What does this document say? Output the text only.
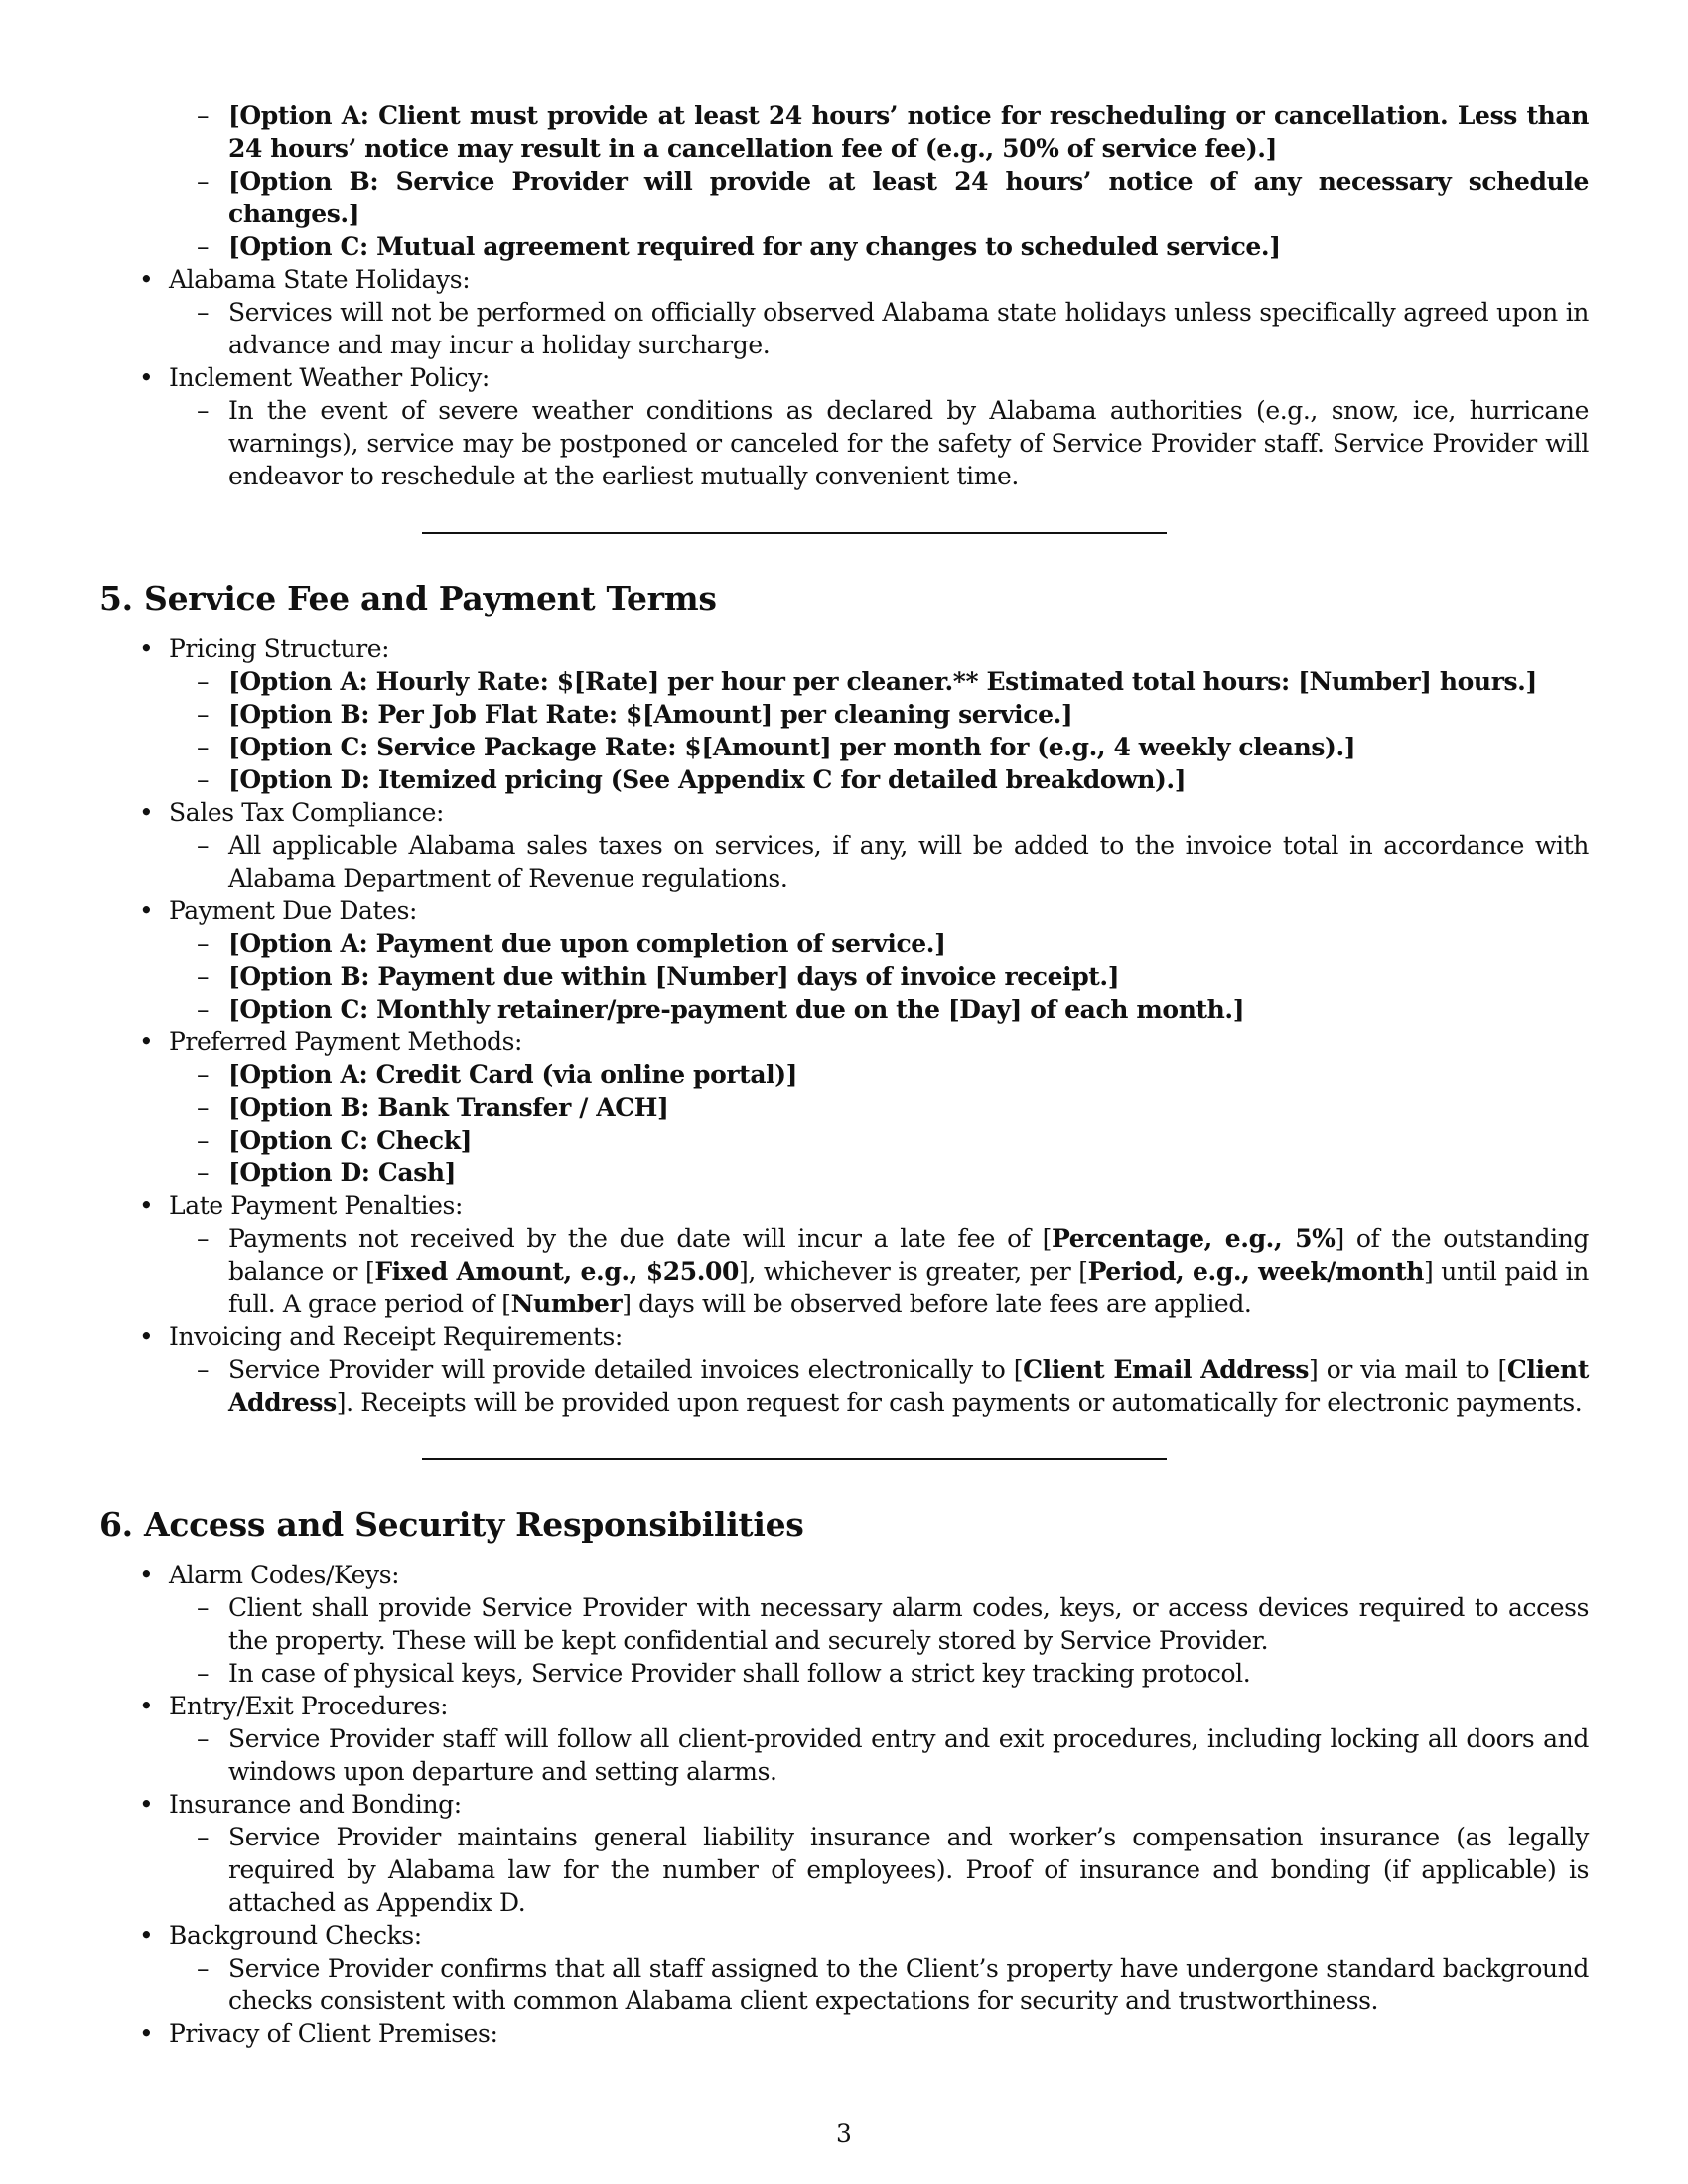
– [Option A: Client must provide at least 24 hours’ notice for rescheduling or cancellation. Less than 24 hours’ notice may result in a cancellation fee of (e.g., 50% of service fee).]
– [Option B: Service Provider will provide at least 24 hours’ notice of any necessary schedule changes.]
– [Option C: Mutual agreement required for any changes to scheduled service.]
• Alabama State Holidays:
– Services will not be performed on officially observed Alabama state holidays unless specifically agreed upon in advance and may incur a holiday surcharge.
• Inclement Weather Policy:
– In the event of severe weather conditions as declared by Alabama authorities (e.g., snow, ice, hurricane warnings), service may be postponed or canceled for the safety of Service Provider staff. Service Provider will endeavor to reschedule at the earliest mutually convenient time.
5. Service Fee and Payment Terms
• Pricing Structure:
– [Option A: Hourly Rate: $[Rate] per hour per cleaner.** Estimated total hours: [Number] hours.]
– [Option B: Per Job Flat Rate: $[Amount] per cleaning service.]
– [Option C: Service Package Rate: $[Amount] per month for (e.g., 4 weekly cleans).]
– [Option D: Itemized pricing (See Appendix C for detailed breakdown).]
• Sales Tax Compliance:
– All applicable Alabama sales taxes on services, if any, will be added to the invoice total in accordance with Alabama Department of Revenue regulations.
• Payment Due Dates:
– [Option A: Payment due upon completion of service.]
– [Option B: Payment due within [Number] days of invoice receipt.]
– [Option C: Monthly retainer/pre-payment due on the [Day] of each month.]
• Preferred Payment Methods:
– [Option A: Credit Card (via online portal)]
– [Option B: Bank Transfer / ACH]
– [Option C: Check]
– [Option D: Cash]
• Late Payment Penalties:
– Payments not received by the due date will incur a late fee of [Percentage, e.g., 5%] of the outstanding balance or [Fixed Amount, e.g., $25.00], whichever is greater, per [Period, e.g., week/month] until paid in full. A grace period of [Number] days will be observed before late fees are applied.
• Invoicing and Receipt Requirements:
– Service Provider will provide detailed invoices electronically to [Client Email Address] or via mail to [Client Address]. Receipts will be provided upon request for cash payments or automatically for electronic payments.
6. Access and Security Responsibilities
• Alarm Codes/Keys:
– Client shall provide Service Provider with necessary alarm codes, keys, or access devices required to access the property. These will be kept confidential and securely stored by Service Provider.
– In case of physical keys, Service Provider shall follow a strict key tracking protocol.
• Entry/Exit Procedures:
– Service Provider staff will follow all client-provided entry and exit procedures, including locking all doors and windows upon departure and setting alarms.
• Insurance and Bonding:
– Service Provider maintains general liability insurance and worker’s compensation insurance (as legally required by Alabama law for the number of employees). Proof of insurance and bonding (if applicable) is attached as Appendix D.
• Background Checks:
– Service Provider confirms that all staff assigned to the Client’s property have undergone standard background checks consistent with common Alabama client expectations for security and trustworthiness.
• Privacy of Client Premises:
3
